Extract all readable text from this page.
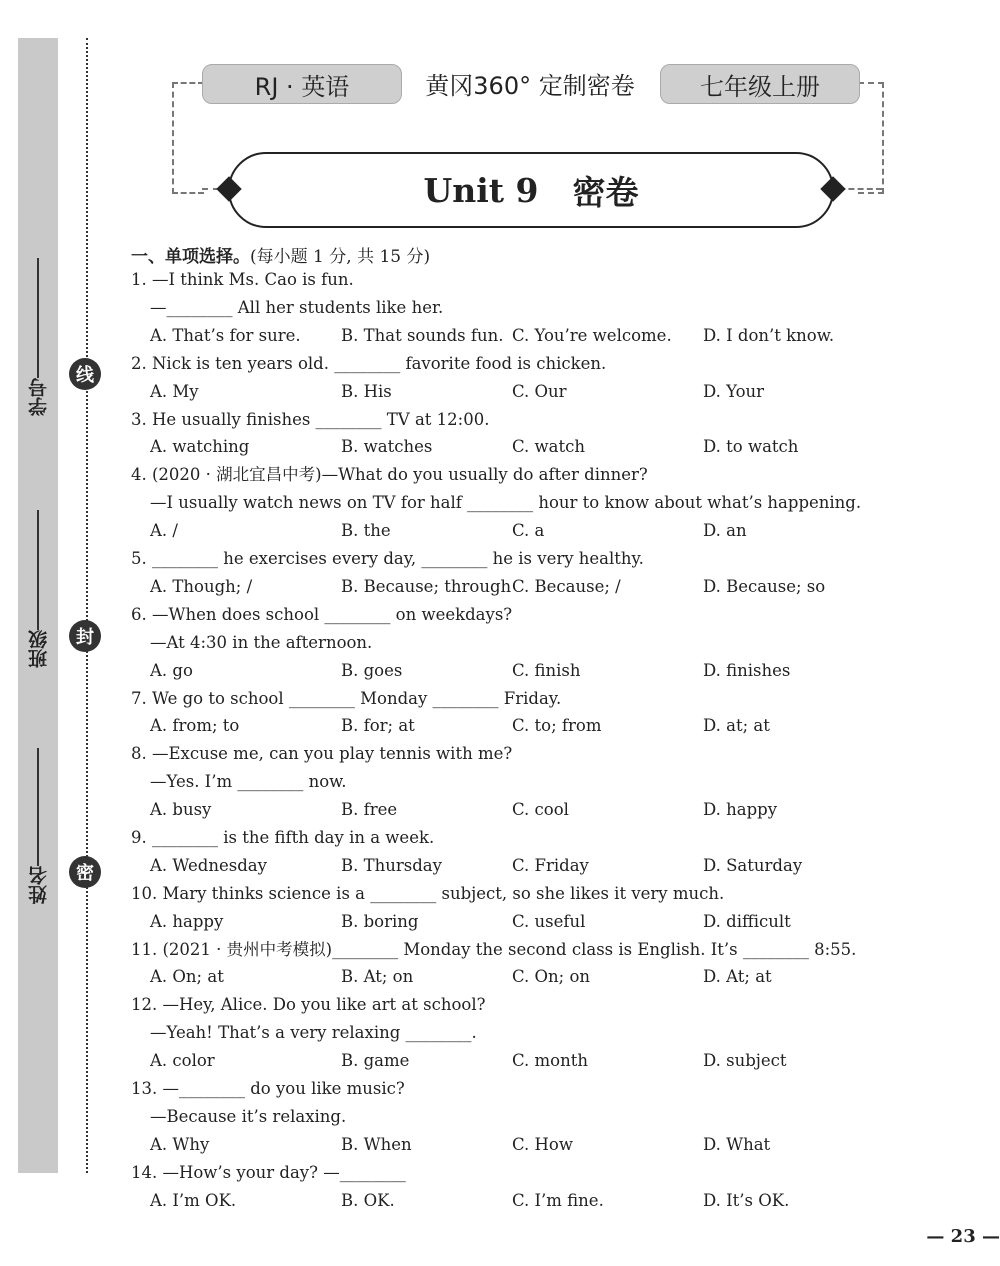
学号
班级
姓名
线
封
密
RJ · 英语	黄冈360° 定制密卷	七年级上册
Unit 9 密卷
一、单项选择。(每小题 1 分, 共 15 分)
1. —I think Ms. Cao is fun.
—________ All her students like her.
A. That’s for sure. B. That sounds fun. C. You’re welcome. D. I don’t know.
2. Nick is ten years old. ________ favorite food is chicken.
A. My	B. His	C. Our	D. Your
3. He usually finishes ________ TV at 12:00.
A. watching	B. watches	C. watch	D. to watch
4. (2020 · 湖北宜昌中考)—What do you usually do after dinner?
—I usually watch news on TV for half ________ hour to know about what’s happening.
A. /	B. the	C. a	D. an
5. ________ he exercises every day, ________ he is very healthy.
A. Though; /	B. Because; through C. Because; /	D. Because; so
6. —When does school ________ on weekdays?
—At 4:30 in the afternoon.
A. go	B. goes	C. finish	D. finishes
7. We go to school ________ Monday ________ Friday.
A. from; to	B. for; at	C. to; from	D. at; at
8. —Excuse me, can you play tennis with me?
—Yes. I’m ________ now.
A. busy	B. free	C. cool	D. happy
9. ________ is the fifth day in a week.
A. Wednesday	B. Thursday	C. Friday	D. Saturday
10. Mary thinks science is a ________ subject, so she likes it very much.
A. happy	B. boring	C. useful	D. difficult
11. (2021 · 贵州中考模拟)________ Monday the second class is English. It’s ________ 8:55.
A. On; at	B. At; on	C. On; on	D. At; at
12. —Hey, Alice. Do you like art at school?
—Yeah! That’s a very relaxing ________.
A. color	B. game	C. month	D. subject
13. —________ do you like music?
—Because it’s relaxing.
A. Why	B. When	C. How	D. What
14. —How’s your day? —________
A. I’m OK.	B. OK.	C. I’m fine.	D. It’s OK.
— 23 —
